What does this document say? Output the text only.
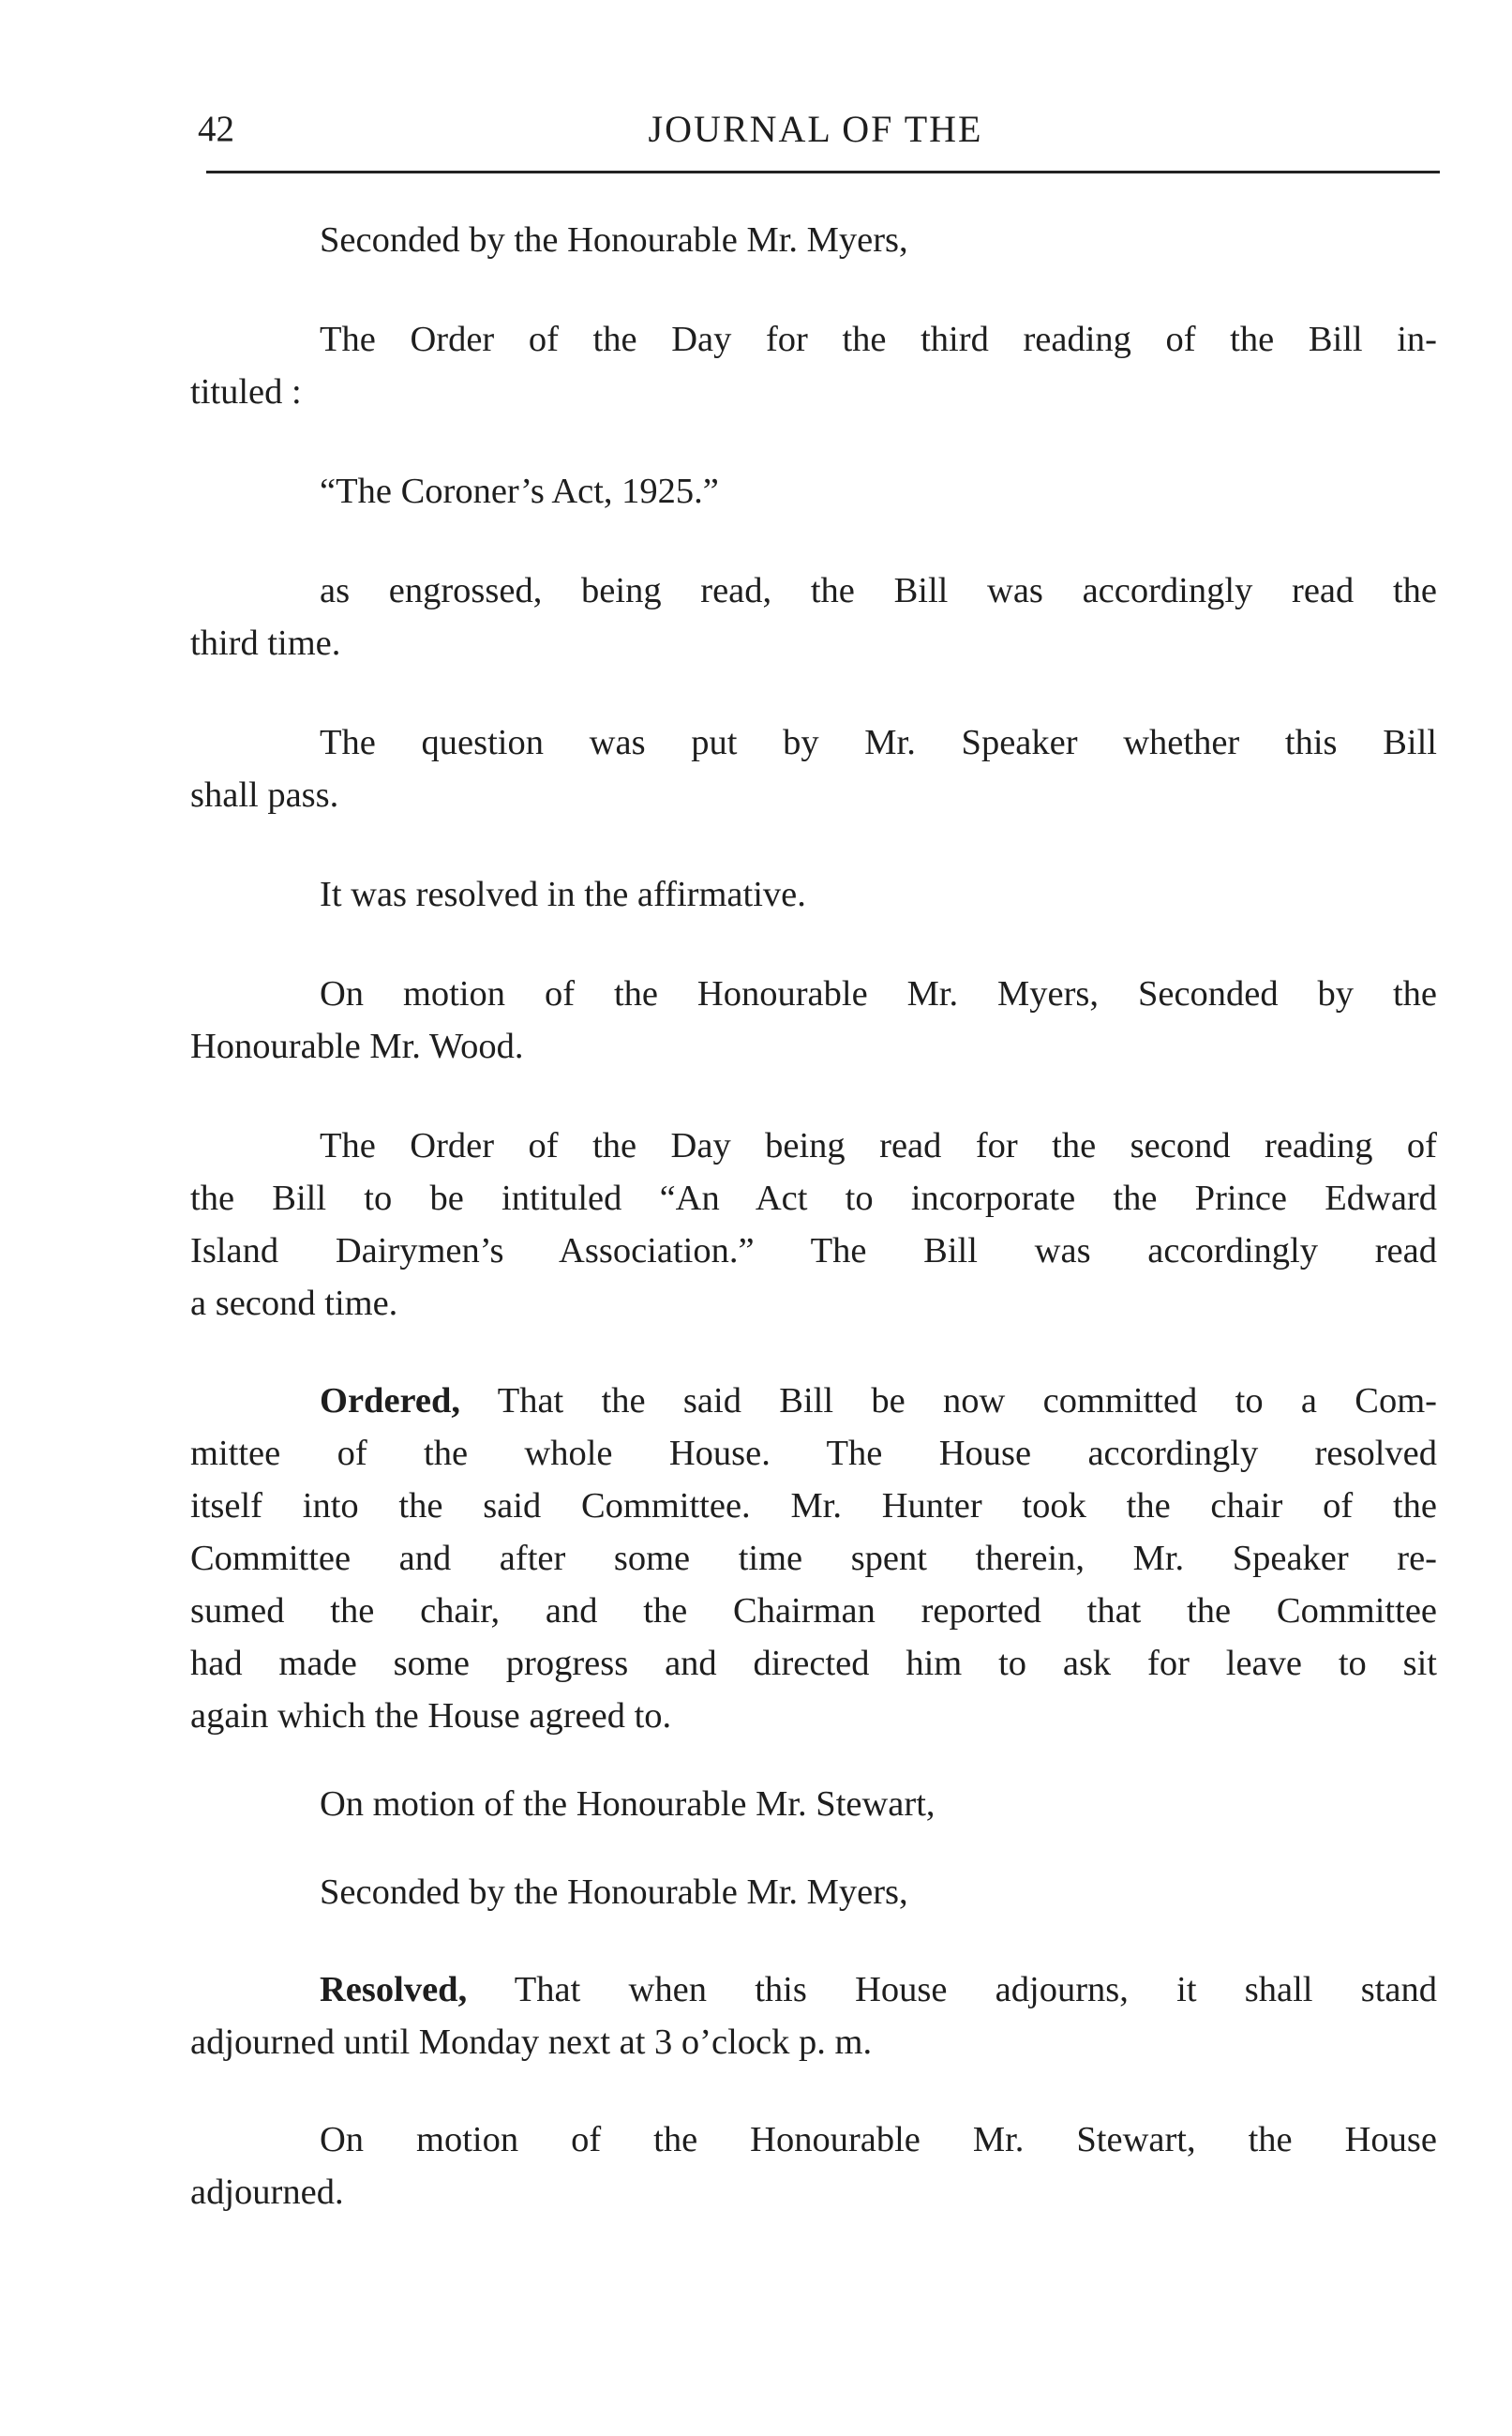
42	JOURNAL OF THE

Seconded by the Honourable Mr. Myers,

The Order of the Day for the third reading of the Bill in-
tituled :

“The Coroner’s Act, 1925.”

as engrossed, being read, the Bill was accordingly read the
third time.

The question was put by Mr. Speaker whether this Bill
shall pass.

It was resolved in the affirmative.

On motion of the Honourable Mr. Myers, Seconded by the
Honourable Mr. Wood.

The Order of the Day being read for the second reading of
the Bill to be intituled “An Act to incorporate the Prince Edward
Island Dairymen’s Association.” The Bill was accordingly read
a second time.

Ordered, That the said Bill be now committed to a Com-
mittee of the whole House. The House accordingly resolved
itself into the said Committee. Mr. Hunter took the chair of the
Committee and after some time spent therein, Mr. Speaker re-
sumed the chair, and the Chairman reported that the Committee
had made some progress and directed him to ask for leave to sit
again which the House agreed to.

On motion of the Honourable Mr. Stewart,

Seconded by the Honourable Mr. Myers,

Resolved, That when this House adjourns, it shall stand
adjourned until Monday next at 3 o’clock p. m.

On motion of the Honourable Mr. Stewart, the House
adjourned.
